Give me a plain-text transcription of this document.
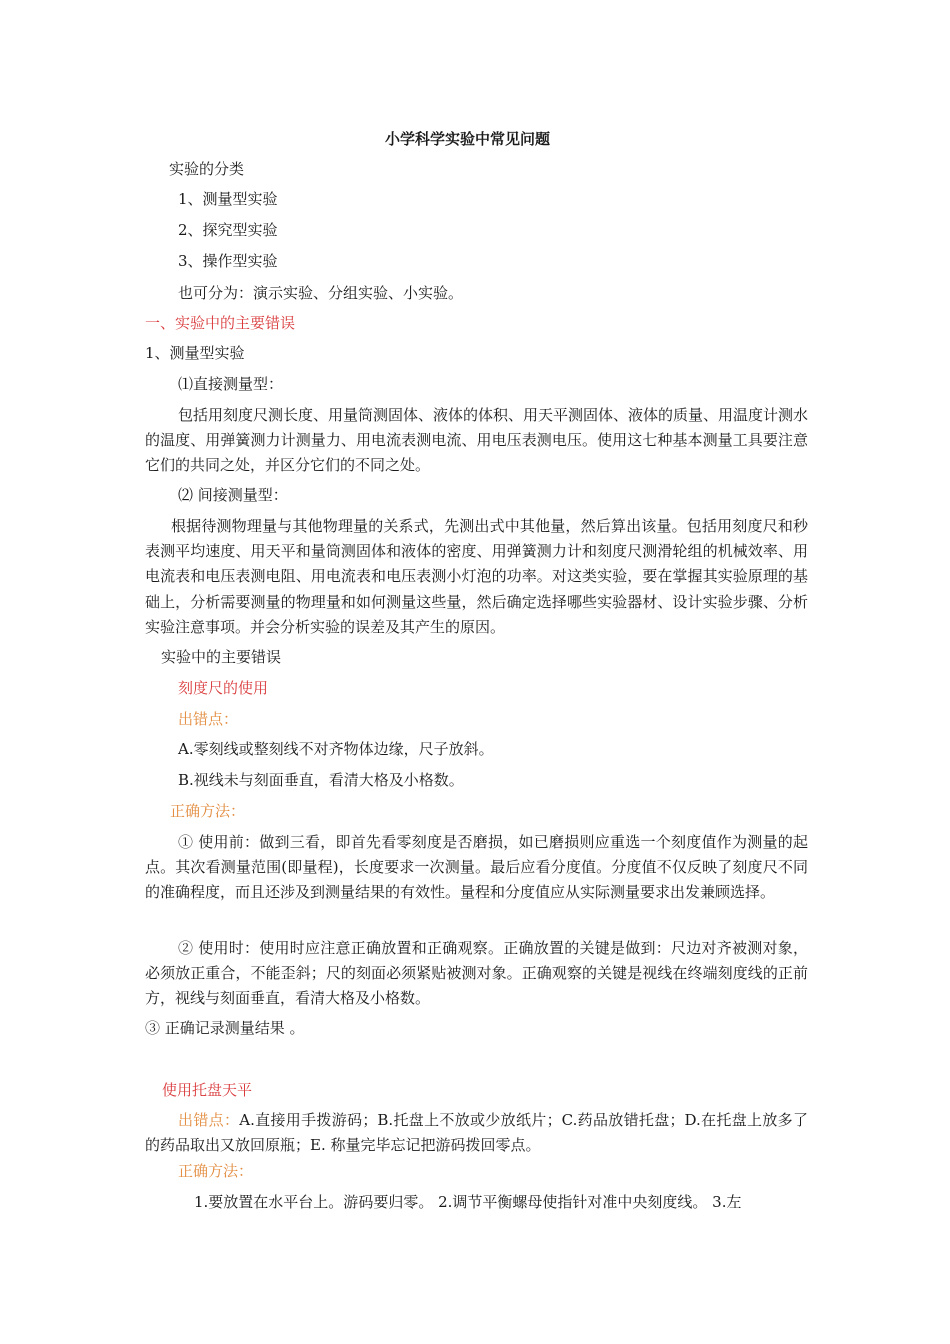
小学科学实验中常见问题
实验的分类
1、测量型实验
2、探究型实验
3、操作型实验
也可分为：演示实验、分组实验、小实验。
一、实验中的主要错误
1、测量型实验
⑴直接测量型：
包括用刻度尺测长度、用量筒测固体、液体的体积、用天平测固体、液体的质量、用温度计测水的温度、用弹簧测力计测量力、用电流表测电流、用电压表测电压。使用这七种基本测量工具要注意它们的共同之处，并区分它们的不同之处。
⑵ 间接测量型：
根据待测物理量与其他物理量的关系式，先测出式中其他量，然后算出该量。包括用刻度尺和秒表测平均速度、用天平和量筒测固体和液体的密度、用弹簧测力计和刻度尺测滑轮组的机械效率、用电流表和电压表测电阻、用电流表和电压表测小灯泡的功率。对这类实验，要在掌握其实验原理的基础上，分析需要测量的物理量和如何测量这些量，然后确定选择哪些实验器材、设计实验步骤、分析实验注意事项。并会分析实验的误差及其产生的原因。
实验中的主要错误
刻度尺的使用
出错点：
A.零刻线或整刻线不对齐物体边缘，尺子放斜。
B.视线未与刻面垂直，看清大格及小格数。
正确方法：
① 使用前：做到三看，即首先看零刻度是否磨损，如已磨损则应重选一个刻度值作为测量的起点。其次看测量范围(即量程)，长度要求一次测量。最后应看分度值。分度值不仅反映了刻度尺不同的准确程度，而且还涉及到测量结果的有效性。量程和分度值应从实际测量要求出发兼顾选择。
② 使用时：使用时应注意正确放置和正确观察。正确放置的关键是做到：尺边对齐被测对象，必须放正重合，不能歪斜；尺的刻面必须紧贴被测对象。正确观察的关键是视线在终端刻度线的正前方，视线与刻面垂直，看清大格及小格数。
③ 正确记录测量结果 。
使用托盘天平
出错点：A.直接用手拨游码；B.托盘上不放或少放纸片；C.药品放错托盘；D.在托盘上放多了的药品取出又放回原瓶；E. 称量完毕忘记把游码拨回零点。
正确方法：
1.要放置在水平台上。游码要归零。 2.调节平衡螺母使指针对准中央刻度线。 3.左
